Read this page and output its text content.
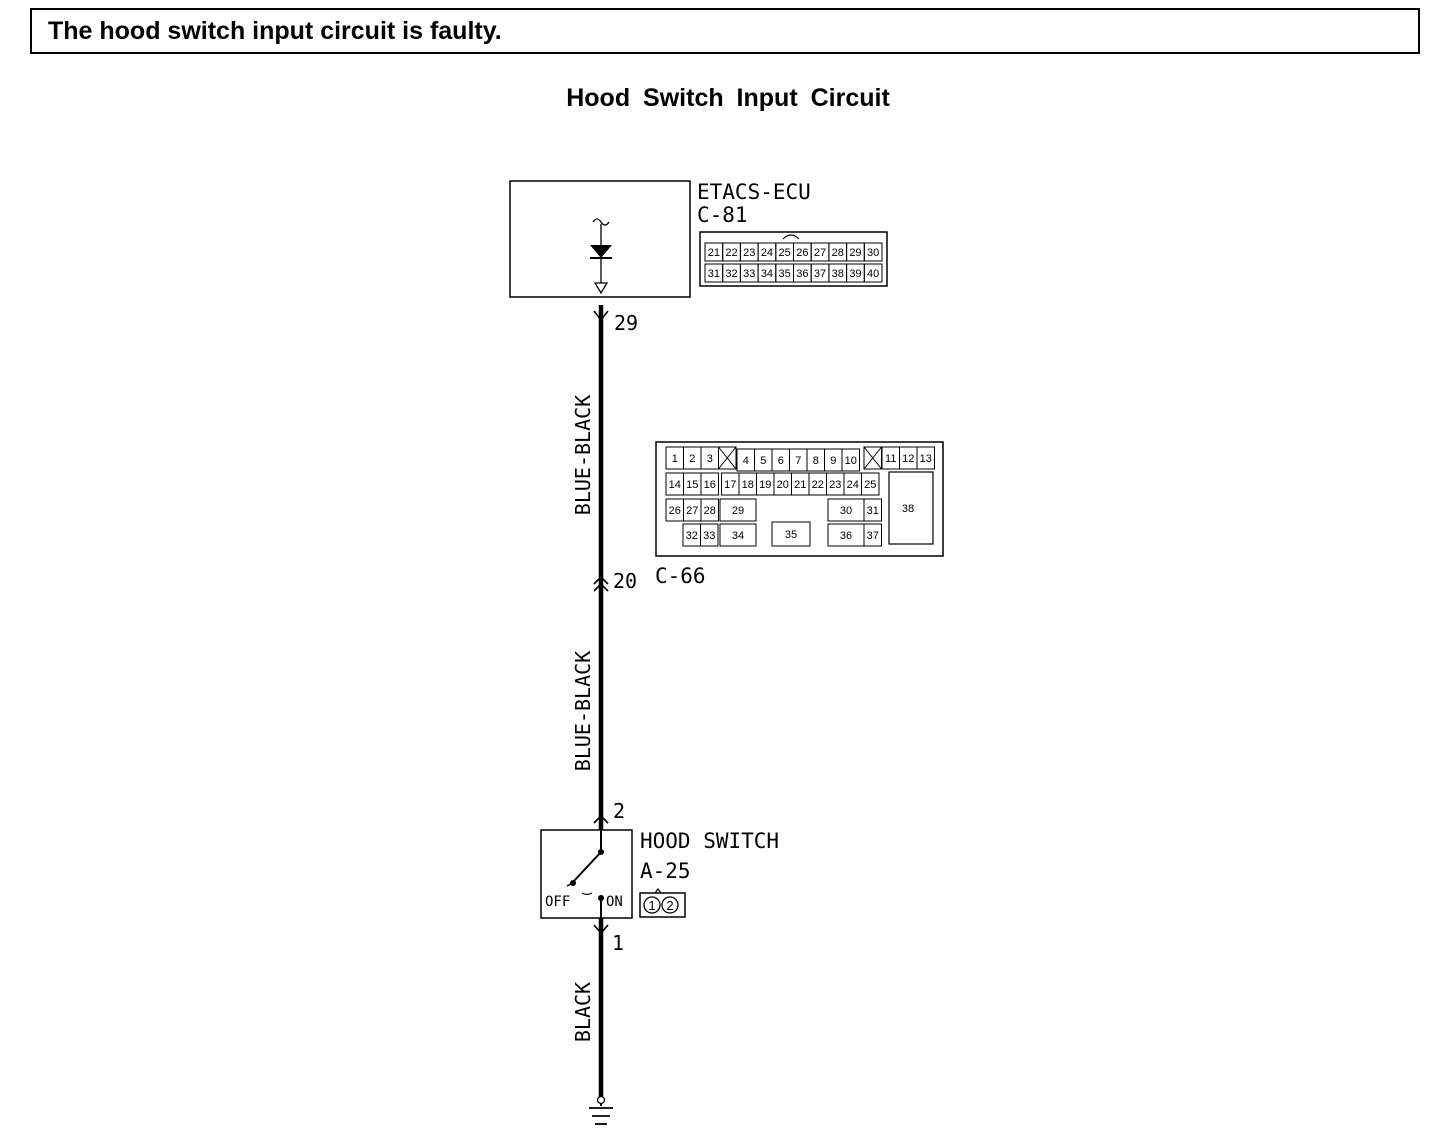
The hood switch input circuit is faulty.
Hood Switch Input Circuit
ETACS-ECU
C-81
21 22 23 24 25 26 27 28 29 30
31 32 33 34 35 36 37 38 39 40
29
BLUE-BLACK
20 C-66
BLUE-BLACK
2
1
BLACK
1 2 3	4 5 6 7 8 9 10	11 12 13
14 15 16 17 18 19 20 21 22 23 24 25
26 27 28 29	30 31 38
32 33 34	35	36 37
OFF	ON
HOOD SWITCH
A-25
1 2
